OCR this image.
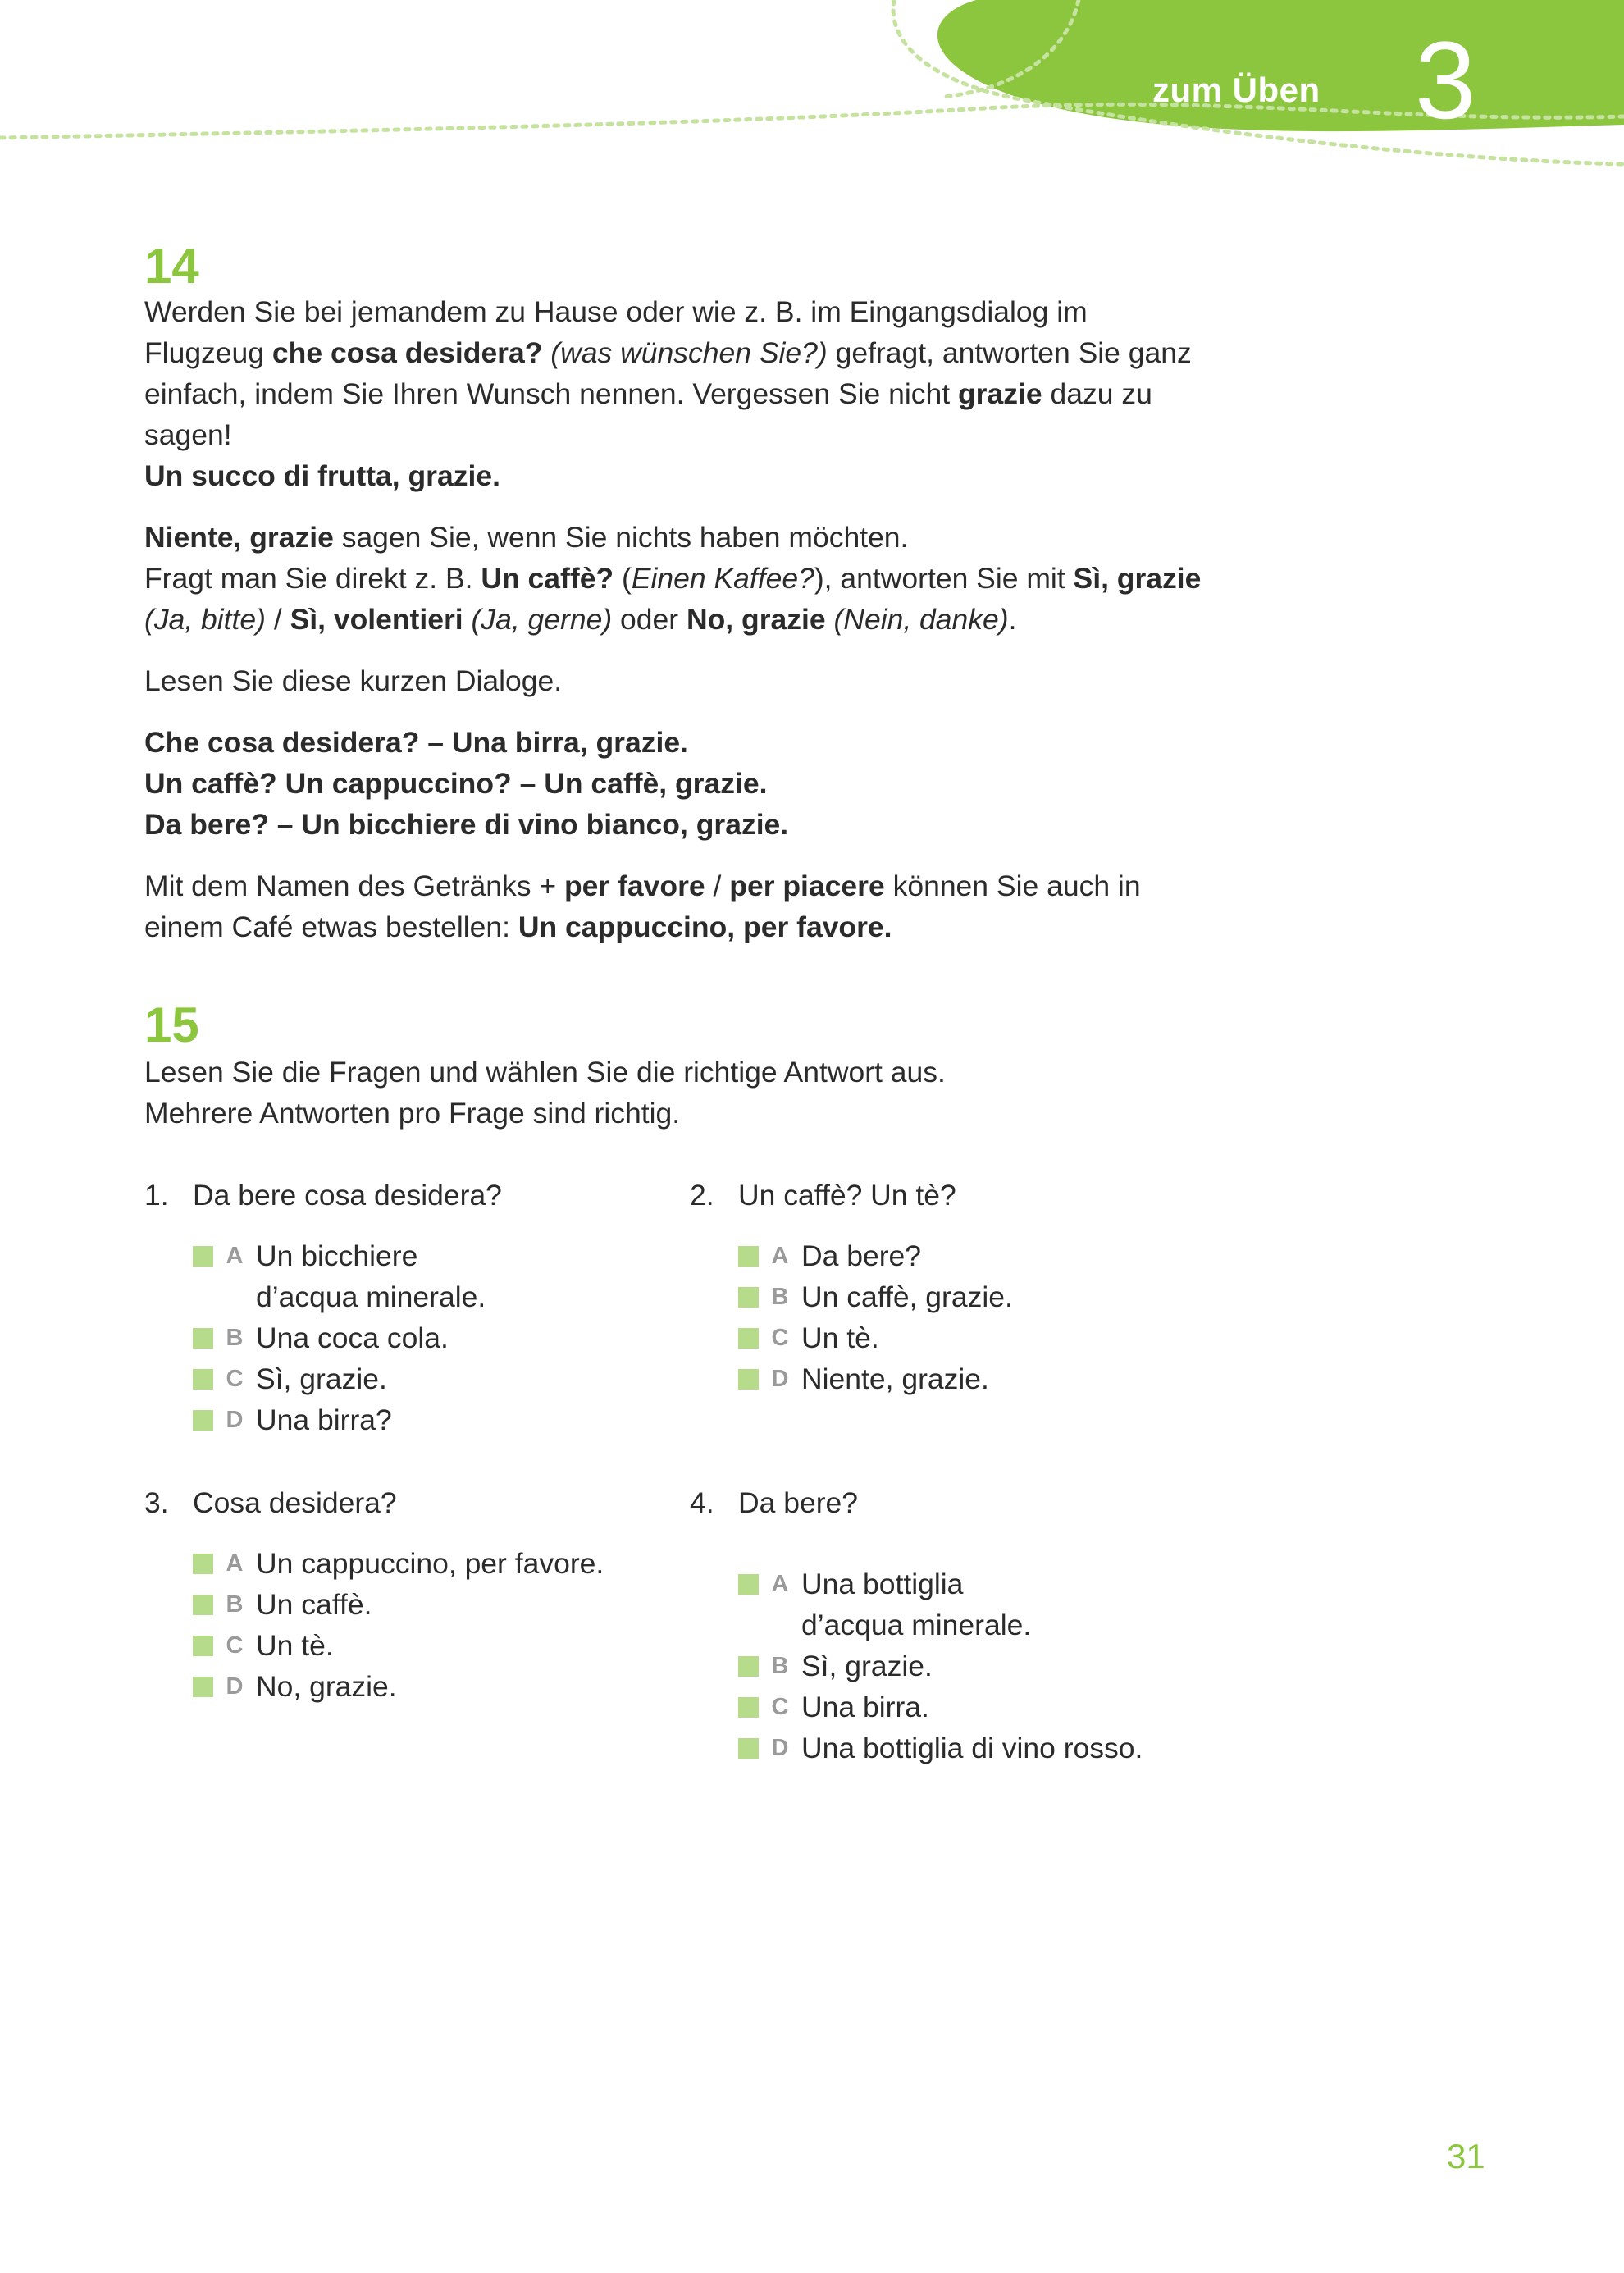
zum Üben 3
14

Werden Sie bei jemandem zu Hause oder wie z. B. im Eingangsdialog im Flugzeug che cosa desidera? (was wünschen Sie?) gefragt, antworten Sie ganz einfach, indem Sie Ihren Wunsch nennen. Vergessen Sie nicht grazie dazu zu sagen!
Un succo di frutta, grazie.

Niente, grazie sagen Sie, wenn Sie nichts haben möchten.
Fragt man Sie direkt z. B. Un caffè? (Einen Kaffee?), antworten Sie mit Sì, grazie (Ja, bitte) / Sì, volentieri (Ja, gerne) oder No, grazie (Nein, danke).

Lesen Sie diese kurzen Dialoge.

Che cosa desidera? – Una birra, grazie.
Un caffè? Un cappuccino? – Un caffè, grazie.
Da bere? – Un bicchiere di vino bianco, grazie.

Mit dem Namen des Getränks + per favore / per piacere können Sie auch in einem Café etwas bestellen: Un cappuccino, per favore.

15

Lesen Sie die Fragen und wählen Sie die richtige Antwort aus.
Mehrere Antworten pro Frage sind richtig.

1. Da bere cosa desidera?
A Un bicchiere d’acqua minerale.
B Una coca cola.
C Sì, grazie.
D Una birra?
2. Un caffè? Un tè?
A Da bere?
B Un caffè, grazie.
C Un tè.
D Niente, grazie.
3. Cosa desidera?
A Un cappuccino, per favore.
B Un caffè.
C Un tè.
D No, grazie.
4. Da bere?
A Una bottiglia d’acqua minerale.
B Sì, grazie.
C Una birra.
D Una bottiglia di vino rosso.
31
